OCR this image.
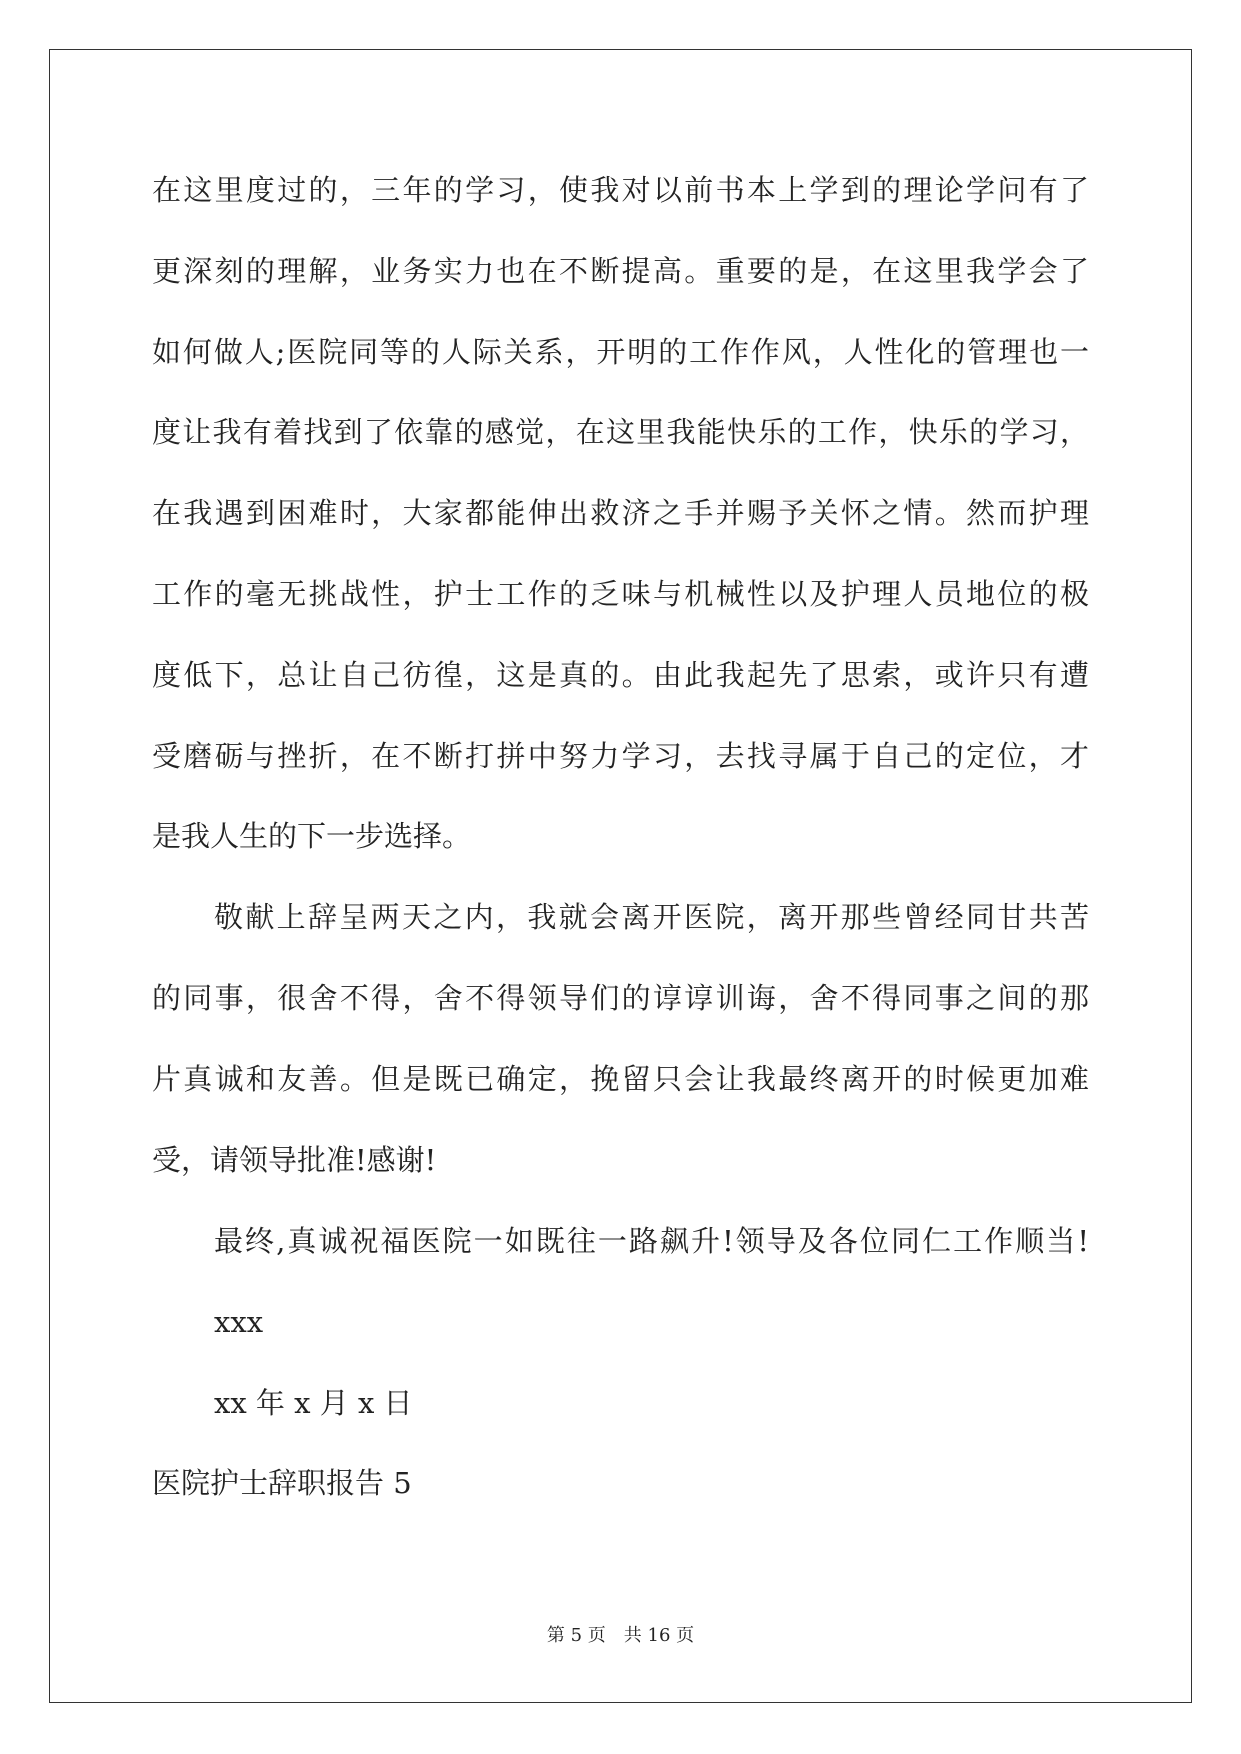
在这里度过的，三年的学习，使我对以前书本上学到的理论学问有了
更深刻的理解，业务实力也在不断提高。重要的是，在这里我学会了
如何做人;医院同等的人际关系，开明的工作作风，人性化的管理也一
度让我有着找到了依靠的感觉，在这里我能快乐的工作，快乐的学习，
在我遇到困难时，大家都能伸出救济之手并赐予关怀之情。然而护理
工作的毫无挑战性，护士工作的乏味与机械性以及护理人员地位的极
度低下，总让自己彷徨，这是真的。由此我起先了思索，或许只有遭
受磨砺与挫折，在不断打拼中努力学习，去找寻属于自己的定位，才
是我人生的下一步选择。
敬献上辞呈两天之内，我就会离开医院，离开那些曾经同甘共苦
的同事，很舍不得，舍不得领导们的谆谆训诲，舍不得同事之间的那
片真诚和友善。但是既已确定，挽留只会让我最终离开的时候更加难
受，请领导批准!感谢!
最终,真诚祝福医院一如既往一路飙升!领导及各位同仁工作顺当!
xxx
xx 年 x 月 x 日
医院护士辞职报告 5
第 5 页　共 16 页
